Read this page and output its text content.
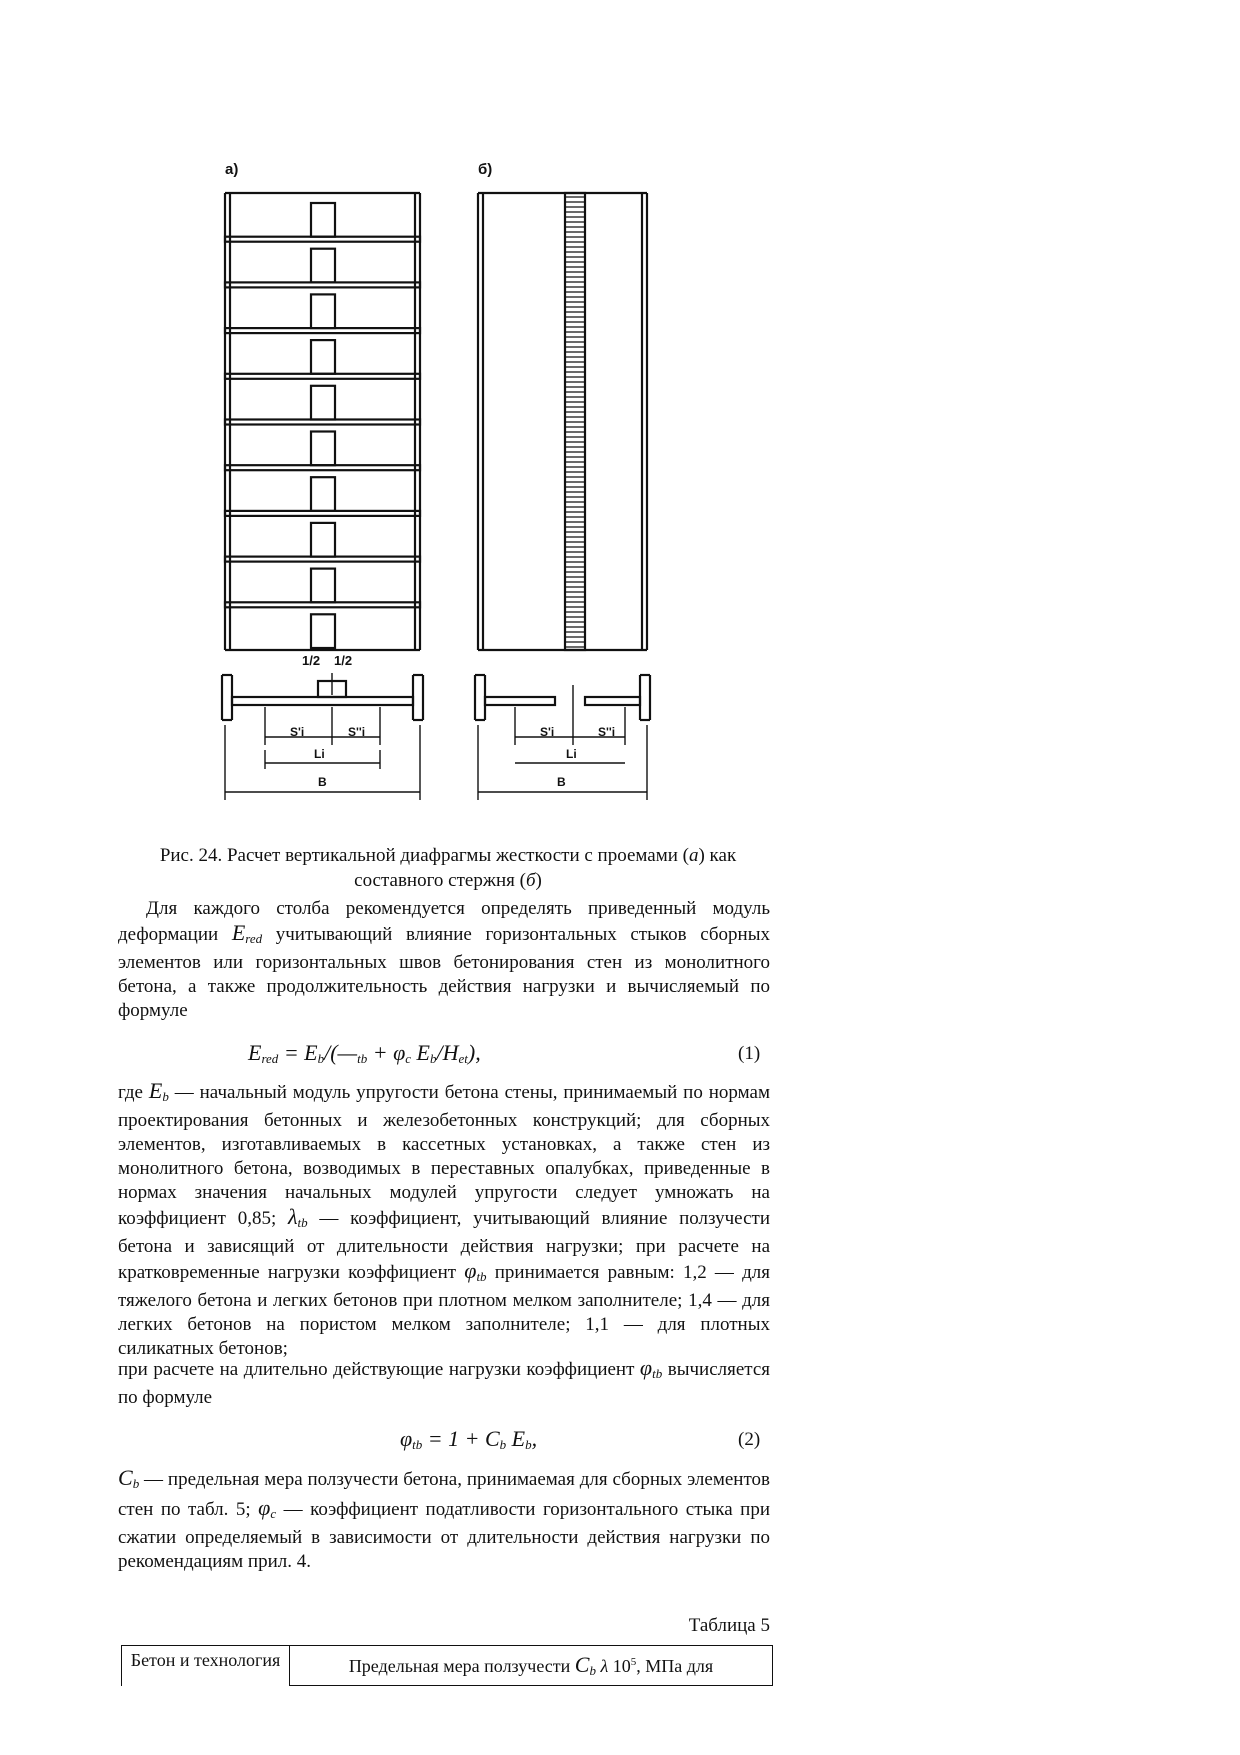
а)	б)
1/2 1/2
S'i	S''i
Li
B
S'i	S''i
Li
B
Рис. 24. Расчет вертикальной диафрагмы жесткости с проемами (а) как
составного стержня (б)

Для каждого столба рекомендуется определять приведенный модуль деформации $E_{red}$ учитывающий влияние горизонтальных стыков сборных элементов или горизонтальных швов бетонирования стен из монолитного бетона, а также продолжительность действия нагрузки и вычисляемый по формуле

$E_{red}$ = $E_b/(—_{tb} + \varphi_c$ $E_b/H_{et}$),	(1)

где $E_b$ — начальный модуль упругости бетона стены, принимаемый по нормам проектирования бетонных и железобетонных конструкций; для сборных элементов, изготавливаемых в кассетных установках, а также стен из монолитного бетона, возводимых в переставных опалубках, приведенные в нормах значения начальных модулей упругости следует умножать на коэффициент 0,85; $\lambda_{tb}$ — коэффициент, учитывающий влияние ползучести бетона и зависящий от длительности действия нагрузки; при расчете на кратковременные нагрузки коэффициент $\varphi_{tb}$ принимается равным: 1,2 — для тяжелого бетона и легких бетонов при плотном мелком заполнителе; 1,4 — для легких бетонов на пористом мелком заполнителе; 1,1 — для плотных силикатных бетонов;

при расчете на длительно действующие нагрузки коэффициент $\varphi_{tb}$ вычисляется по формуле

$\varphi_{tb} = 1 + C_b$ $E_b$,	(2)

$C_b$ — предельная мера ползучести бетона, принимаемая для сборных элементов стен по табл. 5; $\varphi_c$ — коэффициент податливости горизонтального стыка при сжатии определяемый в зависимости от длительности действия нагрузки по рекомендациям прил. 4.

Таблица 5
Бетон и технология	Предельная мера ползучести $C_b$ λ $10^5$, МПа для
